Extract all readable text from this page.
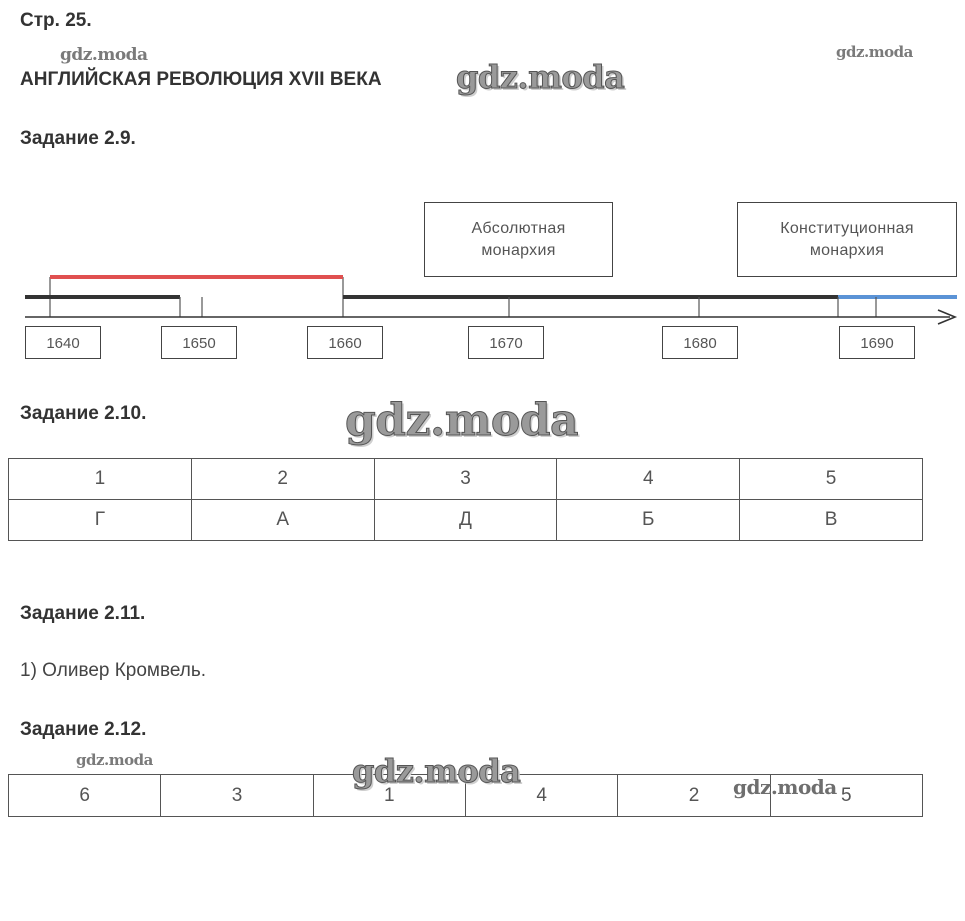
Стр. 25.
АНГЛИЙСКАЯ РЕВОЛЮЦИЯ XVII ВЕКА
Задание 2.9.
Абсолютная монархия
Конституционная монархия
1640	1650	1660	1670	1680	1690
Задание 2.10.
1	2	3	4	5
Г	А	Д	Б	В
Задание 2.11.
1) Оливер Кромвель.
Задание 2.12.
6	3	1	4	2	5
gdz.moda	gdz.moda
gdz.moda
gdz.moda
gdz.moda	gdz.moda	gdz.moda
